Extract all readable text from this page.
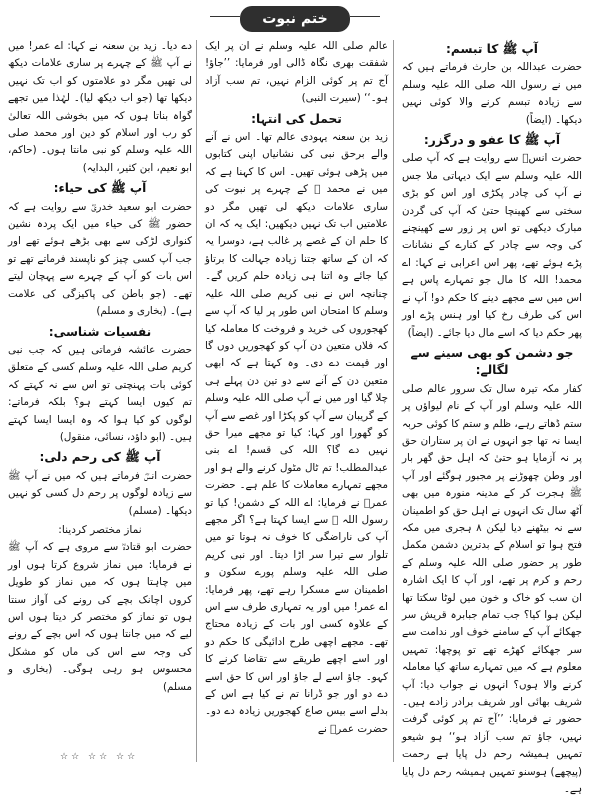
ختم نبوت
آپ ﷺ کا تبسم:

حضرت عبداللہ بن حارث فرماتے ہیں کہ میں نے رسول اللہ صلی اللہ علیہ وسلم سے زیادہ تبسم کرنے والا کوئی نہیں دیکھا۔ (ایضاً)

آپ ﷺ کا عفو و درگزر:

حضرت انسؓ سے روایت ہے کہ آپ صلی اللہ علیہ وسلم سے ایک دیہاتی ملا جس نے آپ کی چادر پکڑی اور اس کو بڑی سختی سے کھینچا حتیٰ کہ آپ کی گردن مبارک دیکھی تو اس پر زور سے کھینچنے کی وجہ سے چادر کے کنارے کے نشانات پڑے ہوئے تھے، پھر اس اعرابی نے کہا: اے محمد! اللہ کا مال جو تمہارے پاس ہے اس میں سے مجھے دینے کا حکم دو! آپ نے اس کی طرف رخ کیا اور ہنس پڑے اور پھر حکم دیا کہ اسے مال دیا جائے۔ (ایضاً)

جو دشمن کو بھی سینے سے لگالے:

کفار مکہ تیرہ سال تک سرور عالم صلی اللہ علیہ وسلم اور آپ کے نام لیواؤں پر ستم ڈھاتے رہے، ظلم و ستم کا کوئی حربہ ایسا نہ تھا جو انہوں نے ان پر ستاران حق پر نہ آزمایا ہو حتیٰ کہ اہل حق گھر بار اور وطن چھوڑنے پر مجبور ہوگئے اور آپ ﷺ ہجرت کر کے مدینہ منورہ میں بھی آٹھ سال تک انہوں نے اہل حق کو اطمینان سے نہ بیٹھنے دیا لیکن ۸ ہجری میں مکہ فتح ہوا تو اسلام کے بدترین دشمن مکمل طور پر حضور صلی اللہ علیہ وسلم کے رحم و کرم پر تھے، اور آپ کا ایک اشارہ ان سب کو خاک و خون میں لوٹا سکتا تھا لیکن ہوا کیا؟ جب تمام جبابرہ قریش سر جھکائے آپ کے سامنے خوف اور ندامت سے سر جھکائے کھڑے تھے تو پوچھا: تمہیں معلوم ہے کہ میں تمہارے ساتھ کیا معاملہ کرنے والا ہوں؟ انہوں نے جواب دیا: آپ شریف بھائی اور شریف برادر زادے ہیں۔ حضور نے فرمایا: ’’آج تم پر کوئی گرفت نہیں، جاؤ تم سب آزاد ہو‘‘ ہو شیعو تمہیں ہمیشہ رحم دل پایا ہے رحمت (پیچھے) ہوسنو تمہیں ہمیشہ رحم دل پایا ہے۔

عالم صلی اللہ علیہ وسلم نے ان پر ایک شفقت بھری نگاہ ڈالی اور فرمایا: ’’جاؤ! آج تم پر کوئی الزام نہیں، تم سب آزاد ہو۔‘‘ (سیرت النبی)

تحمل کی انتہا:

زید بن سعنہ یہودی عالم تھا۔ اس نے آنے والے برحق نبی کی نشانیاں اپنی کتابوں میں پڑھی ہوئی تھیں۔ اس کا کہنا ہے کہ میں نے محمد ﷺ کے چہرے پر نبوت کی ساری علامات دیکھ لی تھیں مگر دو علامتیں اب تک نہیں دیکھیں: ایک یہ کہ ان کا حلم ان کے غصے پر غالب ہے، دوسرا یہ کہ ان کے ساتھ جتنا زیادہ جہالت کا برتاؤ کیا جائے وہ اتنا ہی زیادہ حلم کریں گے۔ چنانچہ اس نے نبی کریم صلی اللہ علیہ وسلم کا امتحان اس طور پر لیا کہ آپ سے کھجوروں کی خرید و فروخت کا معاملہ کیا کہ فلاں متعین دن آپ کو کھجوریں دوں گا اور قیمت دے دی۔ وہ کہتا ہے کہ ابھی متعین دن کے آنے سے دو تین دن پہلے ہی چلا گیا اور میں نے آپ صلی اللہ علیہ وسلم کے گریبان سے آپ کو پکڑا اور غصے سے آپ کو گھورا اور کہا: کیا تو مجھے میرا حق نہیں دے گا؟ اللہ کی قسم! اے بنی عبدالمطلب! تم ٹال مٹول کرنے والے ہو اور مجھے تمہارے معاملات کا علم ہے۔ حضرت عمرؓ نے فرمایا: اے اللہ کے دشمن! کیا تو رسول اللہ ﷺ سے ایسا کہتا ہے؟ اگر مجھے آپ کی ناراضگی کا خوف نہ ہوتا تو میں تلوار سے تیرا سر اڑا دیتا۔ اور نبی کریم صلی اللہ علیہ وسلم پورے سکون و اطمینان سے مسکرا رہے تھے، پھر فرمایا: اے عمر! میں اور یہ تمہاری طرف سے اس کے علاوہ کسی اور بات کے زیادہ محتاج تھے۔ مجھے اچھی طرح ادائیگی کا حکم دو اور اسے اچھے طریقے سے تقاضا کرنے کا کہو۔ جاؤ اسے لے جاؤ اور اس کا حق اسے دے دو اور جو ڈرانا تم نے کیا ہے اس کے بدلے اسے بیس صاع کھجوریں زیادہ دے دو۔ حضرت عمرؓ نے

دے دیا۔ زید بن سعنہ نے کہا: اے عمر! میں نے آپ ﷺ کے چہرے پر ساری علامات دیکھ لی تھیں مگر دو علامتوں کو اب تک نہیں دیکھا تھا (جو اب دیکھ لیا)۔ لہٰذا میں تجھے گواہ بناتا ہوں کہ میں بخوشی اللہ تعالیٰ کو رب اور اسلام کو دین اور محمد صلی اللہ علیہ وسلم کو نبی مانتا ہوں۔ (حاکم، ابو نعیم، ابن کثیر، البدایہ)

آپ ﷺ کی حیاء:

حضرت ابو سعید خدریؓ سے روایت ہے کہ حضور ﷺ کی حیاء میں ایک پردہ نشین کنواری لڑکی سے بھی بڑھے ہوئے تھے اور جب آپ کسی چیز کو ناپسند فرماتے تھے تو اس بات کو آپ کے چہرے سے پہچان لیتے تھے۔ (جو باطن کی پاکیزگی کی علامت ہے)۔ (بخاری و مسلم)

نفسیات شناسی:

حضرت عائشہ فرماتی ہیں کہ جب نبی کریم صلی اللہ علیہ وسلم کسی کے متعلق کوئی بات پہنچتی تو اس سے نہ کہتے کہ تم کیوں ایسا کہتے ہو؟ بلکہ فرماتے: لوگوں کو کیا ہوا کہ وہ ایسا ایسا کہتے ہیں۔ (ابو داؤد، نسائی، منقول)

آپ ﷺ کی رحم دلی:

حضرت انسؓ فرماتے ہیں کہ میں نے آپ ﷺ سے زیادہ لوگوں پر رحم دل کسی کو نہیں دیکھا۔ (مسلم)

نماز مختصر کردینا:

حضرت ابو قتادہؓ سے مروی ہے کہ آپ ﷺ نے فرمایا: میں نماز شروع کرتا ہوں اور میں چاہتا ہوں کہ میں نماز کو طویل کروں اچانک بچے کی رونے کی آواز سنتا ہوں تو نماز کو مختصر کر دیتا ہوں اس لیے کہ میں جانتا ہوں کہ اس بچے کے رونے کی وجہ سے اس کی ماں کو مشکل محسوس ہو رہی ہوگی۔ (بخاری و مسلم)

☆☆ ☆☆ ☆☆
